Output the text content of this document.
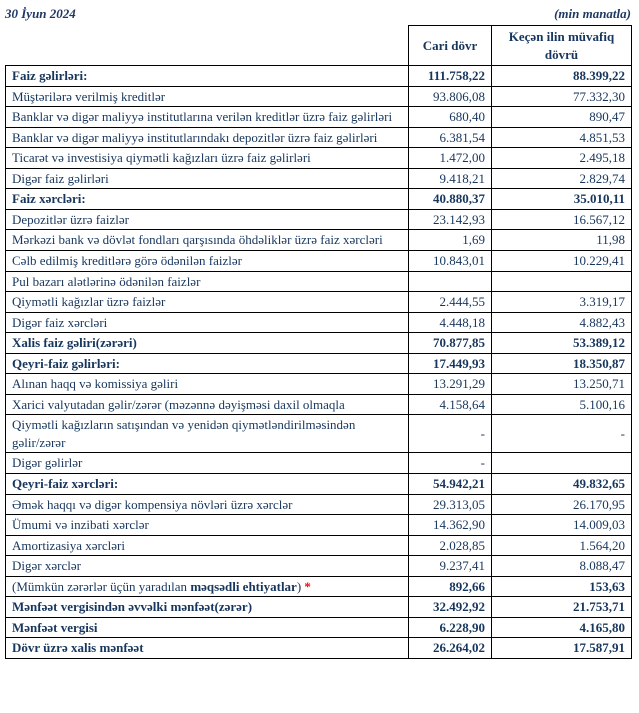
30 İyun 2024	(min manatla)
	Cari dövr	Keçən ilin müvafiq dövrü
Faiz gəlirləri:	111.758,22	88.399,22
Müştərilərə verilmiş kreditlər	93.806,08	77.332,30
Banklar və digər maliyyə institutlarına verilən kreditlər üzrə faiz gəlirləri	680,40	890,47
Banklar və digər maliyyə institutlarındakı depozitlər üzrə faiz gəlirləri	6.381,54	4.851,53
Ticarət və investisiya qiymətli kağızları üzrə faiz gəlirləri	1.472,00	2.495,18
Digər faiz gəlirləri	9.418,21	2.829,74
Faiz xərcləri:	40.880,37	35.010,11
Depozitlər üzrə faizlər	23.142,93	16.567,12
Mərkəzi bank və dövlət fondları qarşısında öhdəliklər üzrə faiz xərcləri	1,69	11,98
Cəlb edilmiş kreditlərə görə ödənilən faizlər	10.843,01	10.229,41
Pul bazarı alətlərinə ödənilən faizlər		
Qiymətli kağızlar üzrə faizlər	2.444,55	3.319,17
Digər faiz xərcləri	4.448,18	4.882,43
Xalis faiz gəliri(zərəri)	70.877,85	53.389,12
Qeyri-faiz gəlirləri:	17.449,93	18.350,87
Alınan haqq və komissiya gəliri	13.291,29	13.250,71
Xarici valyutadan gəlir/zərər (məzənnə dəyişməsi daxil olmaqla	4.158,64	5.100,16
Qiymətli kağızların satışından və yenidən qiymətləndirilməsindən gəlir/zərər	-	-
Digər gəlirlər	-	
Qeyri-faiz xərcləri:	54.942,21	49.832,65
Əmək haqqı və digər kompensiya növləri üzrə xərclər	29.313,05	26.170,95
Ümumi və inzibati xərclər	14.362,90	14.009,03
Amortizasiya xərcləri	2.028,85	1.564,20
Digər xərclər	9.237,41	8.088,47
(Mümkün zərərlər üçün yaradılan məqsədli ehtiyatlar) *	892,66	153,63
Mənfəət vergisindən əvvəlki mənfəət(zərər)	32.492,92	21.753,71
Mənfəət vergisi	6.228,90	4.165,80
Dövr üzrə xalis mənfəət	26.264,02	17.587,91
